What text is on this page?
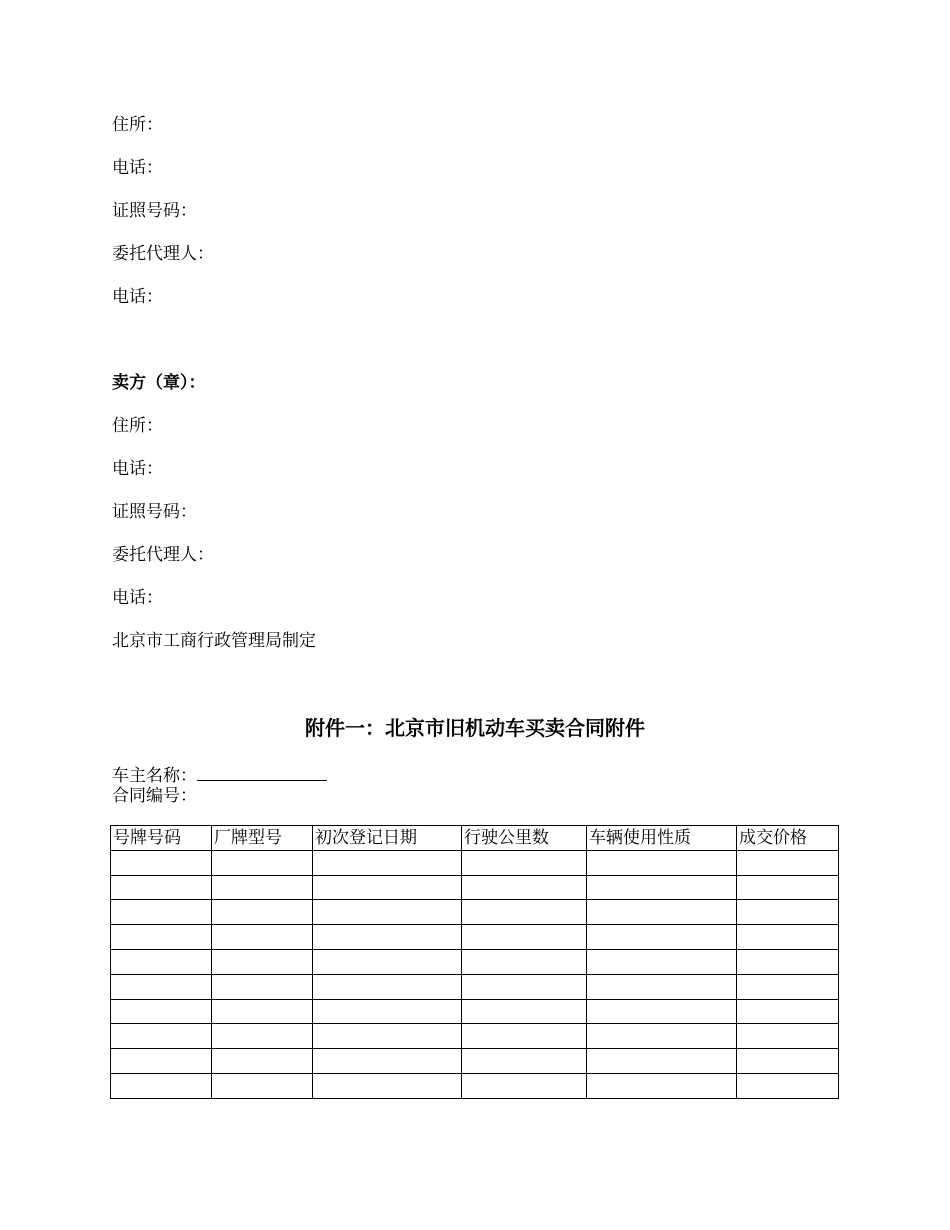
住所：
电话：
证照号码：
委托代理人：
电话：
卖方（章）：
住所：
电话：
证照号码：
委托代理人：
电话：
北京市工商行政管理局制定
附件一：北京市旧机动车买卖合同附件
车主名称：
合同编号：
号牌号码	厂牌型号	初次登记日期	行驶公里数	车辆使用性质	成交价格
